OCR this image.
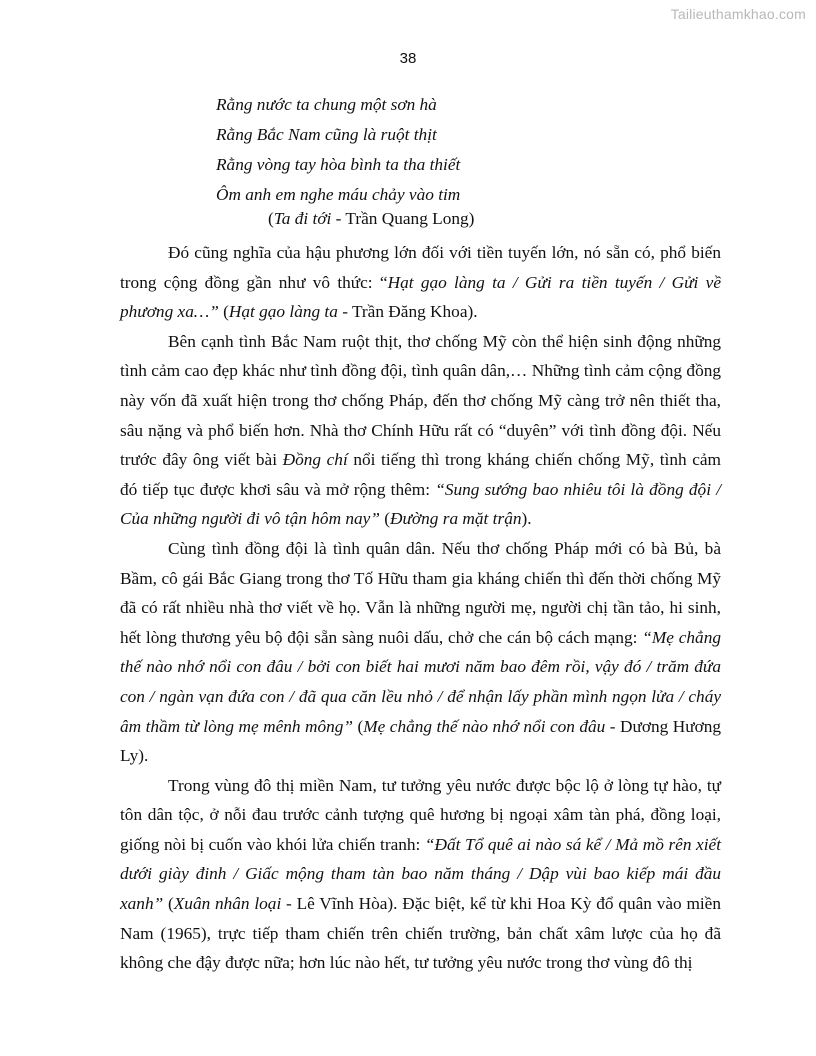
Tailieuthamkhao.com
38
Rằng nước ta chung một sơn hà
Rằng Bắc Nam cũng là ruột thịt
Rằng vòng tay hòa bình ta tha thiết
Ôm anh em nghe máu chảy vào tim
(Ta đi tới - Trần Quang Long)

Đó cũng nghĩa của hậu phương lớn đối với tiền tuyến lớn, nó sẵn có, phổ biến trong cộng đồng gần như vô thức: “Hạt gạo làng ta / Gửi ra tiền tuyến / Gửi về phương xa…” (Hạt gạo làng ta - Trần Đăng Khoa).

Bên cạnh tình Bắc Nam ruột thịt, thơ chống Mỹ còn thể hiện sinh động những tình cảm cao đẹp khác như tình đồng đội, tình quân dân,… Những tình cảm cộng đồng này vốn đã xuất hiện trong thơ chống Pháp, đến thơ chống Mỹ càng trở nên thiết tha, sâu nặng và phổ biến hơn. Nhà thơ Chính Hữu rất có “duyên” với tình đồng đội. Nếu trước đây ông viết bài Đồng chí nổi tiếng thì trong kháng chiến chống Mỹ, tình cảm đó tiếp tục được khơi sâu và mở rộng thêm: “Sung sướng bao nhiêu tôi là đồng đội / Của những người đi vô tận hôm nay” (Đường ra mặt trận).

Cùng tình đồng đội là tình quân dân. Nếu thơ chống Pháp mới có bà Bủ, bà Bầm, cô gái Bắc Giang trong thơ Tố Hữu tham gia kháng chiến thì đến thời chống Mỹ đã có rất nhiều nhà thơ viết về họ. Vẫn là những người mẹ, người chị tần tảo, hi sinh, hết lòng thương yêu bộ đội sẵn sàng nuôi dấu, chở che cán bộ cách mạng: “Mẹ chẳng thế nào nhớ nổi con đâu / bởi con biết hai mươi năm bao đêm rồi, vậy đó / trăm đứa con / ngàn vạn đứa con / đã qua căn lều nhỏ / để nhận lấy phần mình ngọn lửa / cháy âm thầm từ lòng mẹ mênh mông” (Mẹ chẳng thế nào nhớ nổi con đâu - Dương Hương Ly).

Trong vùng đô thị miền Nam, tư tưởng yêu nước được bộc lộ ở lòng tự hào, tự tôn dân tộc, ở nỗi đau trước cảnh tượng quê hương bị ngoại xâm tàn phá, đồng loại, giống nòi bị cuốn vào khói lửa chiến tranh: “Đất Tổ quê ai nào sá kể / Mả mồ rên xiết dưới giày đinh / Giấc mộng tham tàn bao năm tháng / Dập vùi bao kiếp mái đầu xanh” (Xuân nhân loại - Lê Vĩnh Hòa). Đặc biệt, kể từ khi Hoa Kỳ đổ quân vào miền Nam (1965), trực tiếp tham chiến trên chiến trường, bản chất xâm lược của họ đã không che đậy được nữa; hơn lúc nào hết, tư tưởng yêu nước trong thơ vùng đô thị
